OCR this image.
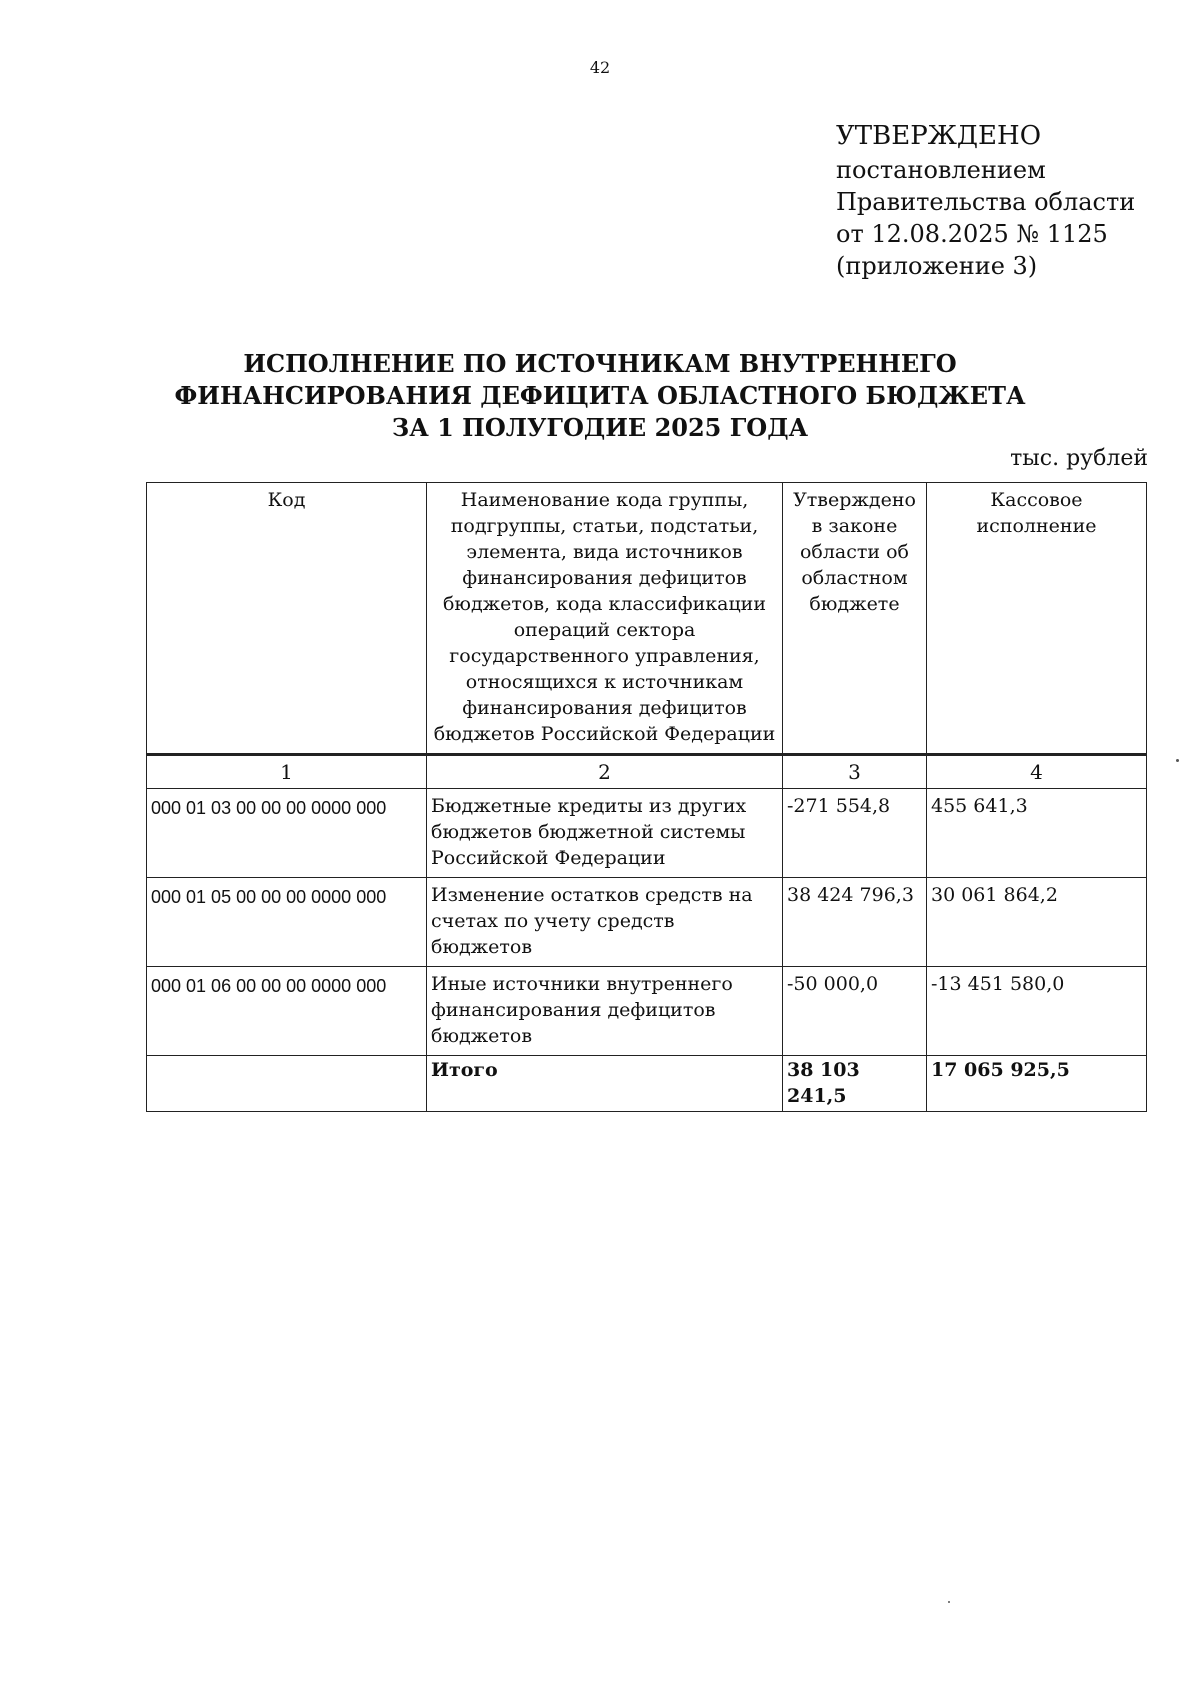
42
УТВЕРЖДЕНО
постановлением
Правительства области
от 12.08.2025 № 1125
(приложение 3)
ИСПОЛНЕНИЕ ПО ИСТОЧНИКАМ ВНУТРЕННЕГО
ФИНАНСИРОВАНИЯ ДЕФИЦИТА ОБЛАСТНОГО БЮДЖЕТА
ЗА 1 ПОЛУГОДИЕ 2025 ГОДА
тыс. рублей
Код	Наименование кода группы, подгруппы, статьи, подстатьи, элемента, вида источников финансирования дефицитов бюджетов, кода классификации операций сектора государственного управления, относящихся к источникам финансирования дефицитов бюджетов Российской Федерации	Утверждено в законе области об областном бюджете	Кассовое исполнение
1	2	3	4
000 01 03 00 00 00 0000 000	Бюджетные кредиты из других бюджетов бюджетной системы Российской Федерации	-271 554,8	455 641,3
000 01 05 00 00 00 0000 000	Изменение остатков средств на счетах по учету средств бюджетов	38 424 796,3	30 061 864,2
000 01 06 00 00 00 0000 000	Иные источники внутреннего финансирования дефицитов бюджетов	-50 000,0	-13 451 580,0
	Итого	38 103 241,5	17 065 925,5
